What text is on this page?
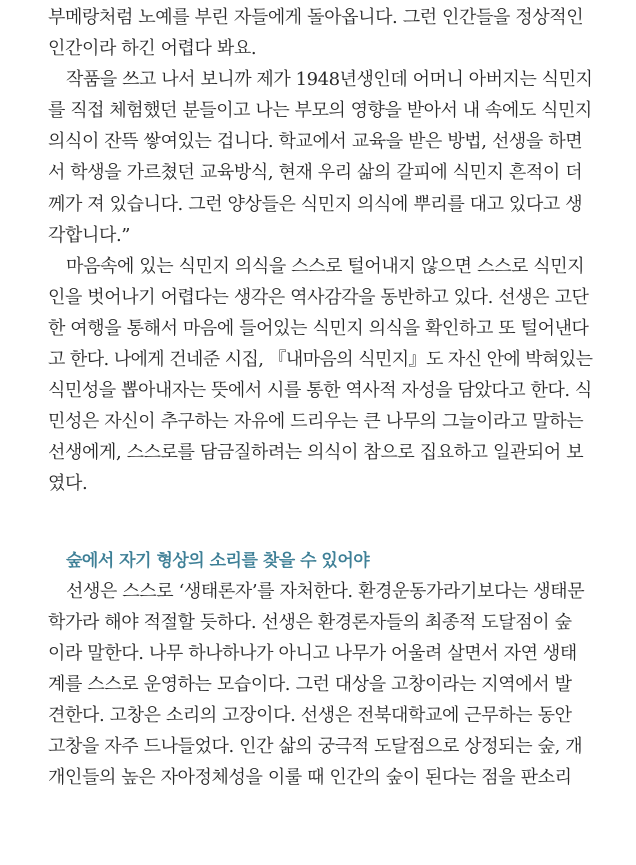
부메랑처럼 노예를 부린 자들에게 돌아옵니다. 그런 인간들을 정상적인

인간이라 하긴 어렵다 봐요.

작품을 쓰고 나서 보니까 제가 1948년생인데 어머니 아버지는 식민지

를 직접 체험했던 분들이고 나는 부모의 영향을 받아서 내 속에도 식민지

의식이 잔뜩 쌓여있는 겁니다. 학교에서 교육을 받은 방법, 선생을 하면

서 학생을 가르쳤던 교육방식, 현재 우리 삶의 갈피에 식민지 흔적이 더

께가 져 있습니다. 그런 양상들은 식민지 의식에 뿌리를 대고 있다고 생

각합니다.”

마음속에 있는 식민지 의식을 스스로 털어내지 않으면 스스로 식민지

인을 벗어나기 어렵다는 생각은 역사감각을 동반하고 있다. 선생은 고단

한 여행을 통해서 마음에 들어있는 식민지 의식을 확인하고 또 털어낸다

고 한다. 나에게 건네준 시집, 『내마음의 식민지』도 자신 안에 박혀있는

식민성을 뽑아내자는 뜻에서 시를 통한 역사적 자성을 담았다고 한다. 식

민성은 자신이 추구하는 자유에 드리우는 큰 나무의 그늘이라고 말하는

선생에게, 스스로를 담금질하려는 의식이 참으로 집요하고 일관되어 보

였다.

숲에서 자기 형상의 소리를 찾을 수 있어야

선생은 스스로 ‘생태론자’를 자처한다. 환경운동가라기보다는 생태문

학가라 해야 적절할 듯하다. 선생은 환경론자들의 최종적 도달점이 숲

이라 말한다. 나무 하나하나가 아니고 나무가 어울려 살면서 자연 생태

계를 스스로 운영하는 모습이다. 그런 대상을 고창이라는 지역에서 발

견한다. 고창은 소리의 고장이다. 선생은 전북대학교에 근무하는 동안

고창을 자주 드나들었다. 인간 삶의 궁극적 도달점으로 상정되는 숲, 개

개인들의 높은 자아정체성을 이룰 때 인간의 숲이 된다는 점을 판소리
